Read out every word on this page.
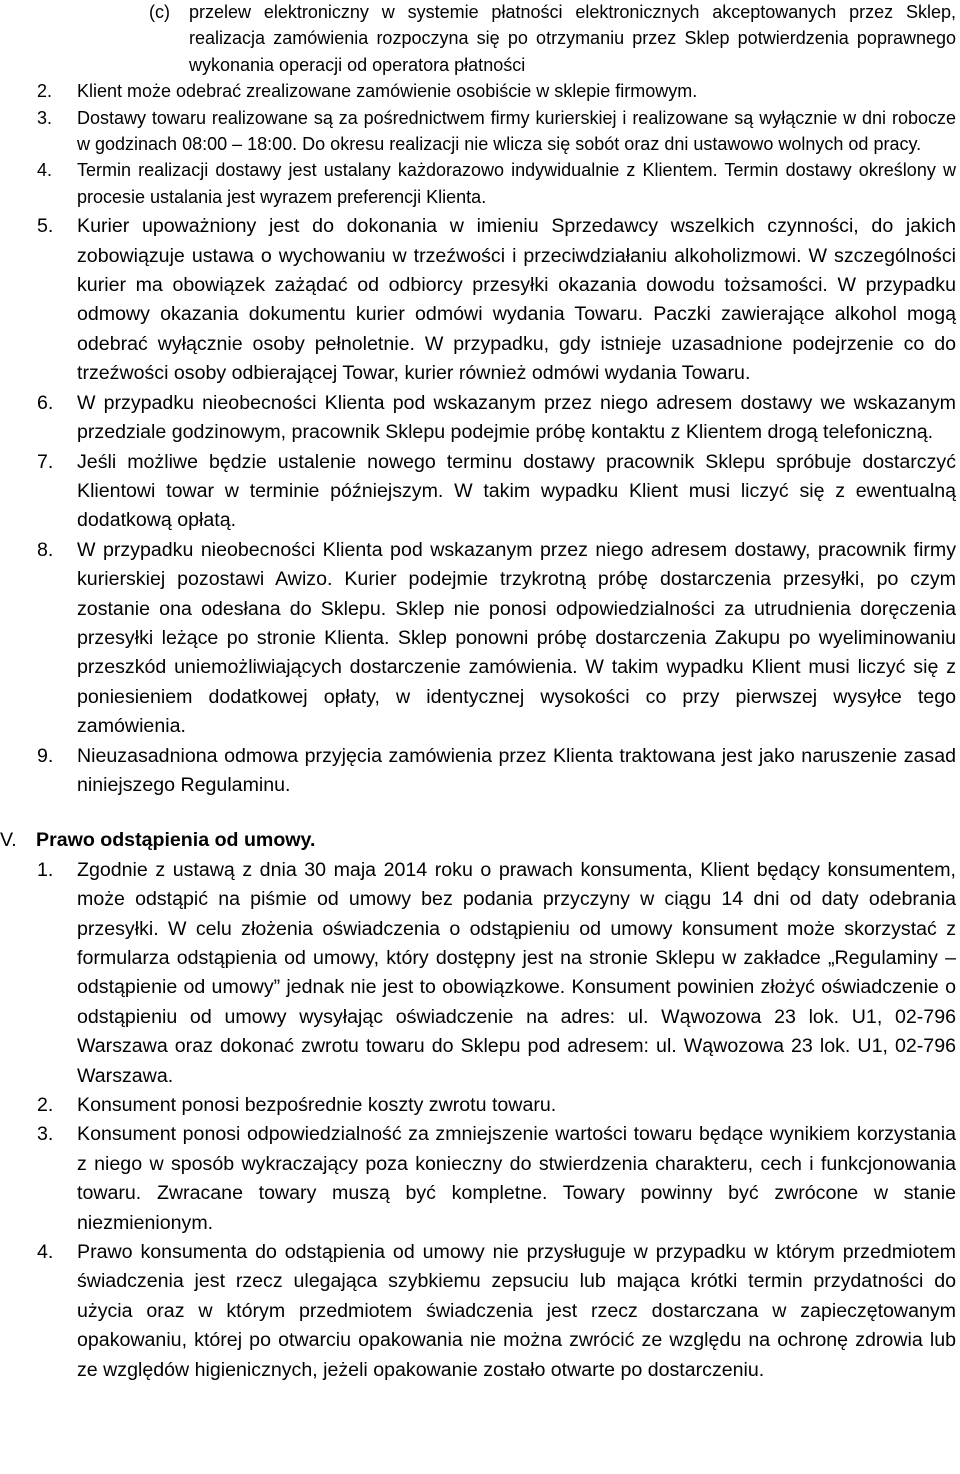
(c) przelew elektroniczny w systemie płatności elektronicznych akceptowanych przez Sklep, realizacja zamówienia rozpoczyna się po otrzymaniu przez Sklep potwierdzenia poprawnego wykonania operacji od operatora płatności
2. Klient może odebrać zrealizowane zamówienie osobiście w sklepie firmowym.
3. Dostawy towaru realizowane są za pośrednictwem firmy kurierskiej i realizowane są wyłącznie w dni robocze w godzinach 08:00 – 18:00. Do okresu realizacji nie wlicza się sobót oraz dni ustawowo wolnych od pracy.
4. Termin realizacji dostawy jest ustalany każdorazowo indywidualnie z Klientem. Termin dostawy określony w procesie ustalania jest wyrazem preferencji Klienta.
5. Kurier upoważniony jest do dokonania w imieniu Sprzedawcy wszelkich czynności, do jakich zobowiązuje ustawa o wychowaniu w trzeźwości i przeciwdziałaniu alkoholizmowi. W szczególności kurier ma obowiązek zażądać od odbiorcy przesyłki okazania dowodu tożsamości. W przypadku odmowy okazania dokumentu kurier odmówi wydania Towaru. Paczki zawierające alkohol mogą odebrać wyłącznie osoby pełnoletnie. W przypadku, gdy istnieje uzasadnione podejrzenie co do trzeźwości osoby odbierającej Towar, kurier również odmówi wydania Towaru.
6. W przypadku nieobecności Klienta pod wskazanym przez niego adresem dostawy we wskazanym przedziale godzinowym, pracownik Sklepu podejmie próbę kontaktu z Klientem drogą telefoniczną.
7. Jeśli możliwe będzie ustalenie nowego terminu dostawy pracownik Sklepu spróbuje dostarczyć Klientowi towar w terminie późniejszym. W takim wypadku Klient musi liczyć się z ewentualną dodatkową opłatą.
8. W przypadku nieobecności Klienta pod wskazanym przez niego adresem dostawy, pracownik firmy kurierskiej pozostawi Awizo. Kurier podejmie trzykrotną próbę dostarczenia przesyłki, po czym zostanie ona odesłana do Sklepu. Sklep nie ponosi odpowiedzialności za utrudnienia doręczenia przesyłki leżące po stronie Klienta. Sklep ponowni próbę dostarczenia Zakupu po wyeliminowaniu przeszkód uniemożliwiających dostarczenie zamówienia. W takim wypadku Klient musi liczyć się z poniesieniem dodatkowej opłaty, w identycznej wysokości co przy pierwszej wysyłce tego zamówienia.
9. Nieuzasadniona odmowa przyjęcia zamówienia przez Klienta traktowana jest jako naruszenie zasad niniejszego Regulaminu.
V. Prawo odstąpienia od umowy.
1. Zgodnie z ustawą z dnia 30 maja 2014 roku o prawach konsumenta, Klient będący konsumentem, może odstąpić na piśmie od umowy bez podania przyczyny w ciągu 14 dni od daty odebrania przesyłki. W celu złożenia oświadczenia o odstąpieniu od umowy konsument może skorzystać z formularza odstąpienia od umowy, który dostępny jest na stronie Sklepu w zakładce „Regulaminy – odstąpienie od umowy” jednak nie jest to obowiązkowe. Konsument powinien złożyć oświadczenie o odstąpieniu od umowy wysyłając oświadczenie na adres: ul. Wąwozowa 23 lok. U1, 02-796 Warszawa oraz dokonać zwrotu towaru do Sklepu pod adresem: ul. Wąwozowa 23 lok. U1, 02-796 Warszawa.
2. Konsument ponosi bezpośrednie koszty zwrotu towaru.
3. Konsument ponosi odpowiedzialność za zmniejszenie wartości towaru będące wynikiem korzystania z niego w sposób wykraczający poza konieczny do stwierdzenia charakteru, cech i funkcjonowania towaru. Zwracane towary muszą być kompletne. Towary powinny być zwrócone w stanie niezmienionym.
4. Prawo konsumenta do odstąpienia od umowy nie przysługuje w przypadku w którym przedmiotem świadczenia jest rzecz ulegająca szybkiemu zepsuciu lub mająca krótki termin przydatności do użycia oraz w którym przedmiotem świadczenia jest rzecz dostarczana w zapieczętowanym opakowaniu, której po otwarciu opakowania nie można zwrócić ze względu na ochronę zdrowia lub ze względów higienicznych, jeżeli opakowanie zostało otwarte po dostarczeniu.
